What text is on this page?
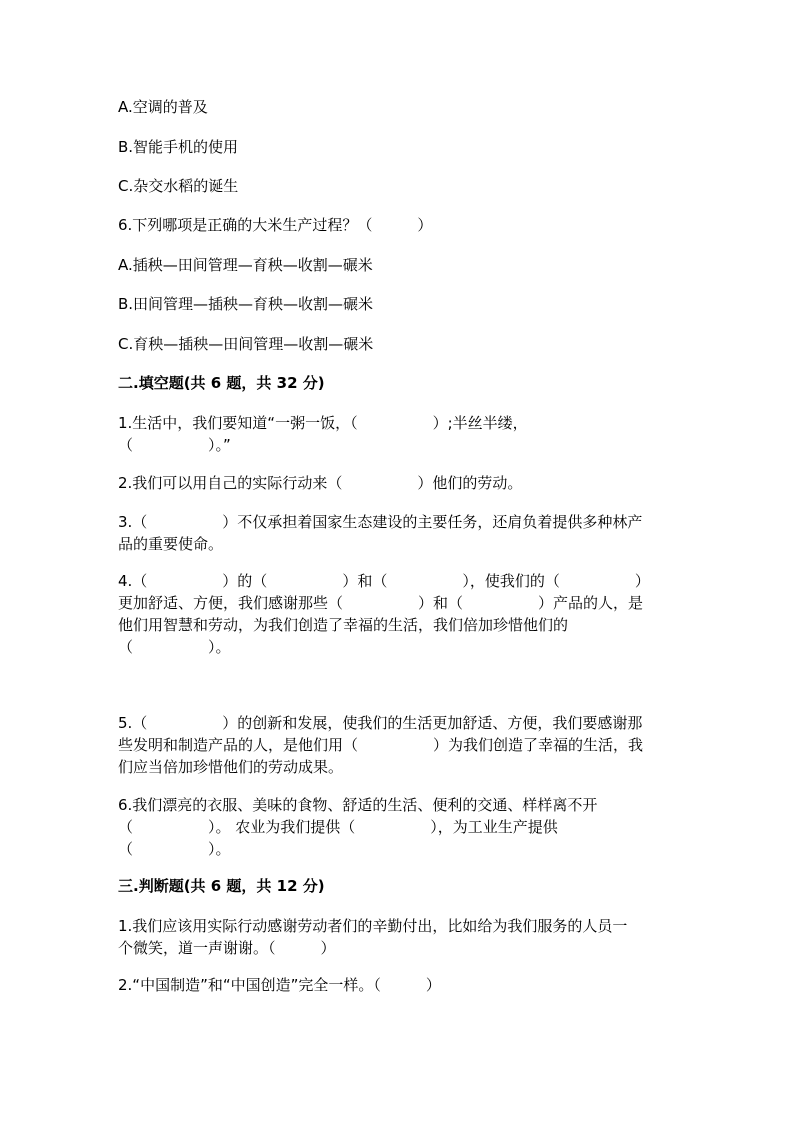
A.空调的普及
B.智能手机的使用
C.杂交水稻的诞生
6.下列哪项是正确的大米生产过程？（　　　）
A.插秧—田间管理—育秧—收割—碾米
B.田间管理—插秧—育秧—收割—碾米
C.育秧—插秧—田间管理—收割—碾米
二.填空题(共 6 题，共 32 分)
1.生活中，我们要知道“一粥一饭，（　　　　　）;半丝半缕，
（　　　　　）。”
2.我们可以用自己的实际行动来（　　　　　）他们的劳动。
3.（　　　　　）不仅承担着国家生态建设的主要任务，还肩负着提供多种林产
品的重要使命。
4.（　　　　　）的（　　　　　）和（　　　　　），使我们的（　　　　　）
更加舒适、方便，我们感谢那些（　　　　　）和（　　　　　）产品的人，是
他们用智慧和劳动，为我们创造了幸福的生活，我们倍加珍惜他们的
（　　　　　）。
5.（　　　　　）的创新和发展，使我们的生活更加舒适、方便，我们要感谢那
些发明和制造产品的人，是他们用（　　　　　）为我们创造了幸福的生活，我
们应当倍加珍惜他们的劳动成果。
6.我们漂亮的衣服、美味的食物、舒适的生活、便利的交通、样样离不开
（　　　　　）。 农业为我们提供（　　　　　），为工业生产提供
（　　　　　）。
三.判断题(共 6 题，共 12 分)
1.我们应该用实际行动感谢劳动者们的辛勤付出，比如给为我们服务的人员一
个微笑，道一声谢谢。（　　　）
2.“中国制造”和“中国创造”完全一样。（　　　）
